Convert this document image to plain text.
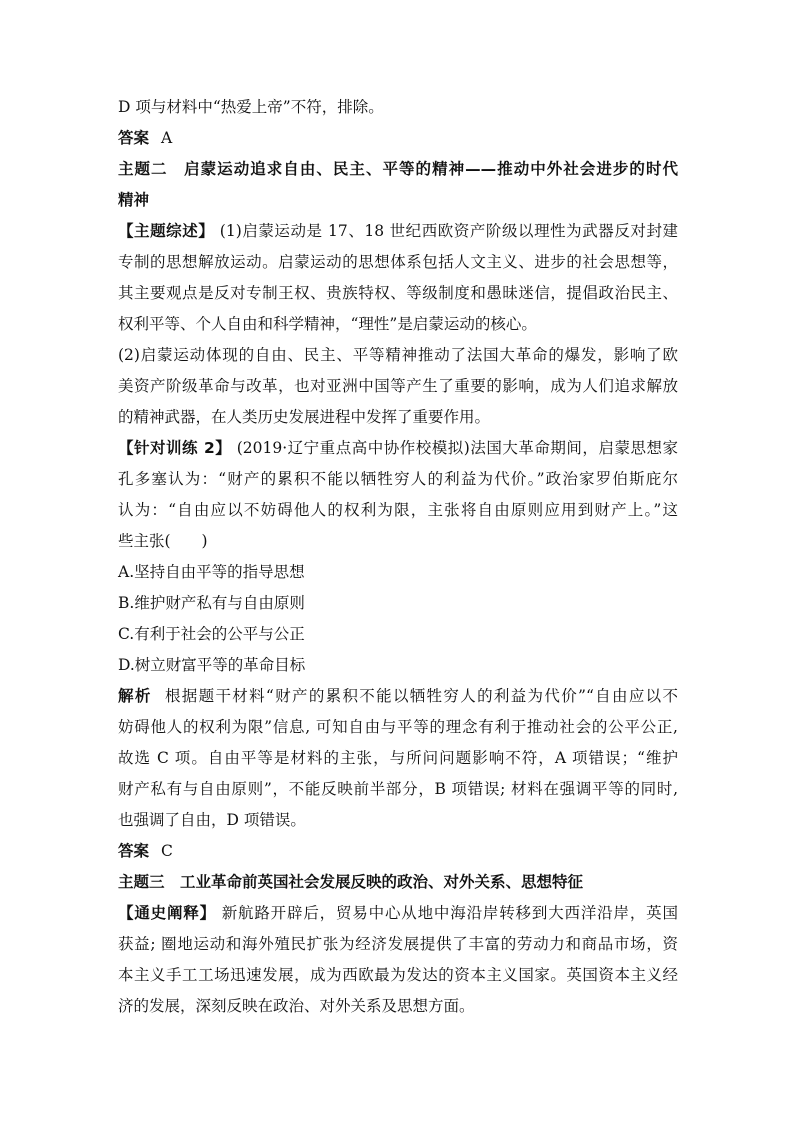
D 项与材料中“热爱上帝”不符，排除。

答案 A

主题二　启蒙运动追求自由、民主、平等的精神——推动中外社会进步的时代

精神

【主题综述】 (1)启蒙运动是 17、18 世纪西欧资产阶级以理性为武器反对封建

专制的思想解放运动。启蒙运动的思想体系包括人文主义、进步的社会思想等，

其主要观点是反对专制王权、贵族特权、等级制度和愚昧迷信，提倡政治民主、

权利平等、个人自由和科学精神，“理性”是启蒙运动的核心。

(2)启蒙运动体现的自由、民主、平等精神推动了法国大革命的爆发，影响了欧

美资产阶级革命与改革，也对亚洲中国等产生了重要的影响，成为人们追求解放

的精神武器，在人类历史发展进程中发挥了重要作用。

【针对训练 2】 (2019·辽宁重点高中协作校模拟)法国大革命期间，启蒙思想家

孔多塞认为：“财产的累积不能以牺牲穷人的利益为代价。”政治家罗伯斯庇尔

认为：“自由应以不妨碍他人的权利为限，主张将自由原则应用到财产上。”这

些主张(　　)

A.坚持自由平等的指导思想

B.维护财产私有与自由原则

C.有利于社会的公平与公正

D.树立财富平等的革命目标

解析 根据题干材料“财产的累积不能以牺牲穷人的利益为代价”“自由应以不

妨碍他人的权利为限”信息, 可知自由与平等的理念有利于推动社会的公平公正,

故选 C 项。自由平等是材料的主张，与所问问题影响不符，A 项错误；“维护

财产私有与自由原则”，不能反映前半部分，B 项错误; 材料在强调平等的同时,

也强调了自由，D 项错误。

答案 C

主题三　工业革命前英国社会发展反映的政治、对外关系、思想特征

【通史阐释】 新航路开辟后，贸易中心从地中海沿岸转移到大西洋沿岸，英国

获益; 圈地运动和海外殖民扩张为经济发展提供了丰富的劳动力和商品市场，资

本主义手工工场迅速发展，成为西欧最为发达的资本主义国家。英国资本主义经

济的发展，深刻反映在政治、对外关系及思想方面。
